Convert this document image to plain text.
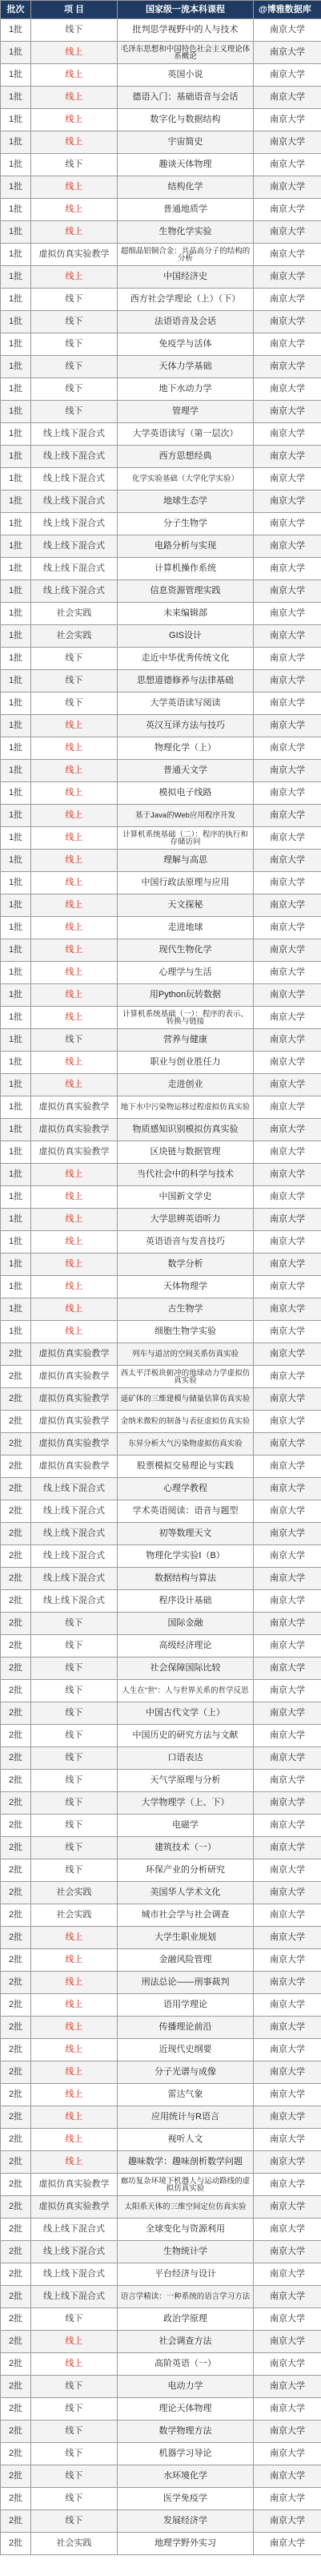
批次	项 目	国家级一流本科课程	@博雅数据库
1批	线下	批判思学视野中的人与技术	南京大学
1批	线上	毛泽东思想和中国特色社会主义理论体系概论	南京大学
1批	线上	英国小说	南京大学
1批	线上	德语入门：基础语音与会话	南京大学
1批	线上	数字化与数据结构	南京大学
1批	线上	宇宙简史	南京大学
1批	线下	趣谈天体物理	南京大学
1批	线上	结构化学	南京大学
1批	线上	普通地质学	南京大学
1批	线上	生物化学实验	南京大学
1批	虚拟仿真实验教学	超细晶铝铜合金：共晶高分子的结构的分析	南京大学
1批	线上	中国经济史	南京大学
1批	线下	西方社会学理论（上）（下）	南京大学
1批	线下	法语语音及会话	南京大学
1批	线下	免疫学与活体	南京大学
1批	线下	天体力学基础	南京大学
1批	线下	地下水动力学	南京大学
1批	线下	管理学	南京大学
1批	线上线下混合式	大学英语读写（第一层次）	南京大学
1批	线上线下混合式	西方思想经典	南京大学
1批	线上线下混合式	化学实验基础（大学化学实验）	南京大学
1批	线上线下混合式	地球生态学	南京大学
1批	线上线下混合式	分子生物学	南京大学
1批	线上线下混合式	电路分析与实现	南京大学
1批	线上线下混合式	计算机操作系统	南京大学
1批	线上线下混合式	信息资源管理实践	南京大学
1批	社会实践	未来编辑部	南京大学
1批	社会实践	GIS设计	南京大学
1批	线下	走近中华优秀传统文化	南京大学
1批	线下	思想道德修养与法律基础	南京大学
1批	线下	大学英语读写阅读	南京大学
1批	线上	英汉互译方法与技巧	南京大学
1批	线上	物理化学（上）	南京大学
1批	线上	普通天文学	南京大学
1批	线上	模拟电子线路	南京大学
1批	线上	基于Java的Web应用程序开发	南京大学
1批	线上	计算机系统基础（二）：程序的执行和存储访问	南京大学
1批	线上	理解与高思	南京大学
1批	线上	中国行政法原理与应用	南京大学
1批	线上	天文探秘	南京大学
1批	线上	走进地球	南京大学
1批	线上	现代生物化学	南京大学
1批	线上	心理学与生活	南京大学
1批	线上	用Python玩转数据	南京大学
1批	线上	计算机系统基础（一）：程序的表示、转换与链接	南京大学
1批	线下	营养与健康	南京大学
1批	线上	职业与创业胜任力	南京大学
1批	线上	走进创业	南京大学
1批	虚拟仿真实验教学	地下水中污染物运移过程虚拟仿真实验	南京大学
1批	虚拟仿真实验教学	物质感知识别模拟仿真实验	南京大学
1批	虚拟仿真实验教学	区块链与数据管理	南京大学
1批	线上	当代社会中的科学与技术	南京大学
1批	线上	中国新文学史	南京大学
1批	线上	大学思辨英语听力	南京大学
1批	线上	英语语音与发音技巧	南京大学
1批	线上	数学分析	南京大学
1批	线上	天体物理学	南京大学
1批	线上	古生物学	南京大学
1批	线上	细胞生物学实验	南京大学
2批	虚拟仿真实验教学	列车与道岔的空间关系仿真实验	南京大学
2批	虚拟仿真实验教学	西太平洋板块俯冲的地球动力学虚拟仿真实验	南京大学
2批	虚拟仿真实验教学	遥矿体的三维建模与储量估算仿真实验	南京大学
2批	虚拟仿真实验教学	金纳米微粒的制备与表征虚拟仿真实验	南京大学
2批	虚拟仿真实验教学	东昇分析大气污染物虚拟仿真实验	南京大学
2批	虚拟仿真实验教学	股票模拟交易理论与实践	南京大学
2批	线上线下混合式	心理学教程	南京大学
2批	线上线下混合式	学术英语阅读：语音与题型	南京大学
2批	线上线下混合式	初等数理天文	南京大学
2批	线上线下混合式	物理化学实验Ⅰ（B）	南京大学
2批	线上线下混合式	数据结构与算法	南京大学
2批	线上线下混合式	程序设计基础	南京大学
2批	线下	国际金融	南京大学
2批	线下	高级经济理论	南京大学
2批	线下	社会保障国际比较	南京大学
2批	线下	人生在“世”：人与世界关系的哲学反思	南京大学
2批	线下	中国古代文学（上）	南京大学
2批	线下	中国历史的研究方法与文献	南京大学
2批	线下	口语表达	南京大学
2批	线下	天气学原理与分析	南京大学
2批	线下	大学物理学（上、下）	南京大学
2批	线下	电磁学	南京大学
2批	线下	建筑技术（一）	南京大学
2批	线下	环保产业的分析研究	南京大学
2批	社会实践	美国华人学术文化	南京大学
2批	社会实践	城市社会学与社会调查	南京大学
2批	线上	大学生职业规划	南京大学
2批	线上	金融风险管理	南京大学
2批	线上	刑法总论——刑事裁判	南京大学
2批	线上	语用学理论	南京大学
2批	线上	传播理论前沿	南京大学
2批	线上	近现代史纲要	南京大学
2批	线上	分子光谱与成像	南京大学
2批	线上	雷达气象	南京大学
2批	线上	应用统计与R语言	南京大学
2批	线上	视听人文	南京大学
2批	线上	趣味数学：趣味剖析数学问题	南京大学
2批	虚拟仿真实验教学	廊坊复杂环境下机器人与运动路线的虚拟仿真实验	南京大学
2批	虚拟仿真实验教学	太阳系天体的三维空间定位仿真实验	南京大学
2批	线上线下混合式	全球变化与资源利用	南京大学
2批	线上线下混合式	生物统计学	南京大学
2批	线上线下混合式	平台经济与设计	南京大学
2批	线上线下混合式	语言学精读：一种系统的语言学习方法	南京大学
2批	线下	政治学原理	南京大学
2批	线上	社会调查方法	南京大学
2批	线上	高阶英语（一）	南京大学
2批	线下	电动力学	南京大学
2批	线下	理论天体物理	南京大学
2批	线下	数学物理方法	南京大学
2批	线下	机器学习导论	南京大学
2批	线下	水环境化学	南京大学
2批	线下	医学免疫学	南京大学
2批	线下	发展经济学	南京大学
2批	社会实践	地理学野外实习	南京大学
